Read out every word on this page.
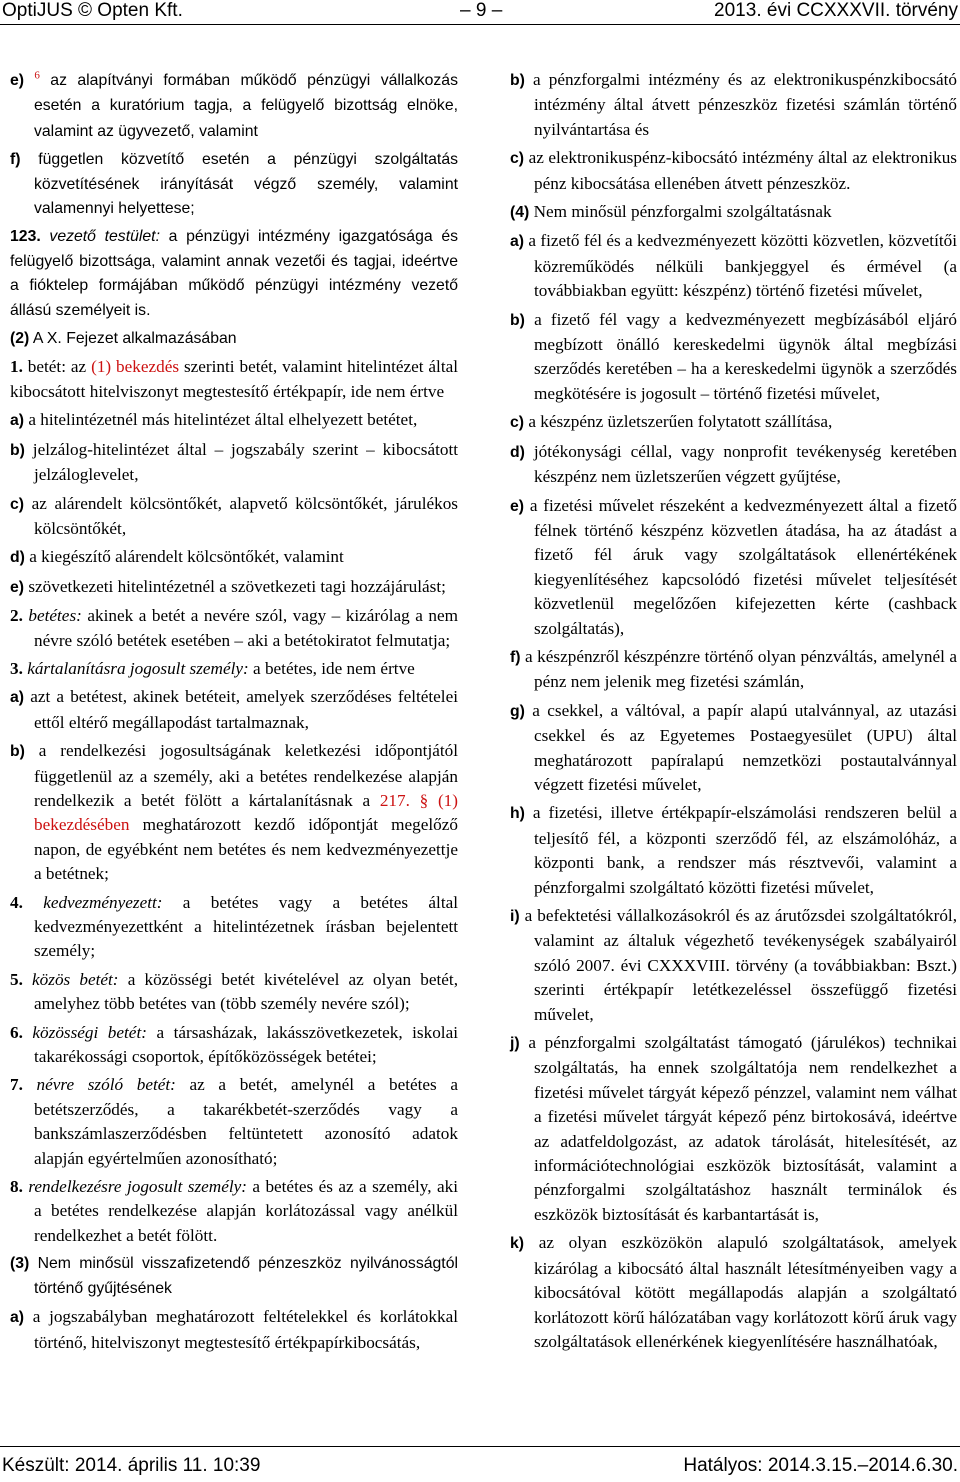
OptiJUS © Opten Kft.	– 9 –	2013. évi CCXXXVII. törvény
e) $^6$ az alapítványi formában működő pénzügyi vállalkozás esetén a kuratórium tagja, a felügyelő bizottság elnöke, valamint az ügyvezető, valamint
f) független közvetítő esetén a pénzügyi szolgáltatás közvetítésének irányítását végző személy, valamint valamennyi helyettese;
123. vezető testület: a pénzügyi intézmény igazgatósága és felügyelő bizottsága, valamint annak vezetői és tagjai, ideértve a fióktelep formájában működő pénzügyi intézmény vezető állású személyeit is.
(2) A X. Fejezet alkalmazásában
1. betét: az (1) bekezdés szerinti betét, valamint hitelintézet által kibocsátott hitelviszonyt megtestesítő értékpapír, ide nem értve
a) a hitelintézetnél más hitelintézet által elhelyezett betétet,
b) jelzálog-hitelintézet által – jogszabály szerint – kibocsátott jelzáloglevelet,
c) az alárendelt kölcsöntőkét, alapvető kölcsöntőkét, járulékos kölcsöntőkét,
d) a kiegészítő alárendelt kölcsöntőkét, valamint
e) szövetkezeti hitelintézetnél a szövetkezeti tagi hozzájárulást;
2. betétes: akinek a betét a nevére szól, vagy – kizárólag a nem névre szóló betétek esetében – aki a betétokiratot felmutatja;
3. kártalanításra jogosult személy: a betétes, ide nem értve
a) azt a betétest, akinek betéteit, amelyek szerződéses feltételei ettől eltérő megállapodást tartalmaznak,
b) a rendelkezési jogosultságának keletkezési időpontjától függetlenül az a személy, aki a betétes rendelkezése alapján rendelkezik a betét fölött a kártalanításnak a 217. § (1) bekezdésében meghatározott kezdő időpontját megelőző napon, de egyébként nem betétes és nem kedvezményezettje a betétnek;
4. kedvezményezett: a betétes vagy a betétes által kedvezményezettként a hitelintézetnek írásban bejelentett személy;
5. közös betét: a közösségi betét kivételével az olyan betét, amelyhez több betétes van (több személy nevére szól);
6. közösségi betét: a társasházak, lakásszövetkezetek, iskolai takarékossági csoportok, építőközösségek betétei;
7. névre szóló betét: az a betét, amelynél a betétes a betétszerződés, a takarékbetét-szerződés vagy a bankszámlaszerződésben feltüntetett azonosító adatok alapján egyértelműen azonosítható;
8. rendelkezésre jogosult személy: a betétes és az a személy, aki a betétes rendelkezése alapján korlátozással vagy anélkül rendelkezhet a betét fölött.
(3) Nem minősül visszafizetendő pénzeszköz nyilvánosságtól történő gyűjtésének
a) a jogszabályban meghatározott feltételekkel és korlátokkal történő, hitelviszonyt megtestesítő értékpapírkibocsátás,
b) a pénzforgalmi intézmény és az elektronikuspénzkibocsátó intézmény által átvett pénzeszköz fizetési számlán történő nyilvántartása és
c) az elektronikuspénz-kibocsátó intézmény által az elektronikus pénz kibocsátása ellenében átvett pénzeszköz.
(4) Nem minősül pénzforgalmi szolgáltatásnak
a) a fizető fél és a kedvezményezett közötti közvetlen, közvetítői közreműködés nélküli bankjeggyel és érmével (a továbbiakban együtt: készpénz) történő fizetési művelet,
b) a fizető fél vagy a kedvezményezett megbízásából eljáró megbízott önálló kereskedelmi ügynök által megbízási szerződés keretében – ha a kereskedelmi ügynök a szerződés megkötésére is jogosult – történő fizetési művelet,
c) a készpénz üzletszerűen folytatott szállítása,
d) jótékonysági céllal, vagy nonprofit tevékenység keretében készpénz nem üzletszerűen végzett gyűjtése,
e) a fizetési művelet részeként a kedvezményezett által a fizető félnek történő készpénz közvetlen átadása, ha az átadást a fizető fél áruk vagy szolgáltatások ellenértékének kiegyenlítéséhez kapcsolódó fizetési művelet teljesítését közvetlenül megelőzően kifejezetten kérte (cashback szolgáltatás),
f) a készpénzről készpénzre történő olyan pénzváltás, amelynél a pénz nem jelenik meg fizetési számlán,
g) a csekkel, a váltóval, a papír alapú utalvánnyal, az utazási csekkel és az Egyetemes Postaegyesület (UPU) által meghatározott papíralapú nemzetközi postautalvánnyal végzett fizetési művelet,
h) a fizetési, illetve értékpapír-elszámolási rendszeren belül a teljesítő fél, a központi szerződő fél, az elszámolóház, a központi bank, a rendszer más résztvevői, valamint a pénzforgalmi szolgáltató közötti fizetési művelet,
i) a befektetési vállalkozásokról és az árutőzsdei szolgáltatókról, valamint az általuk végezhető tevékenységek szabályairól szóló 2007. évi CXXXVIII. törvény (a továbbiakban: Bszt.) szerinti értékpapír letétkezeléssel összefüggő fizetési művelet,
j) a pénzforgalmi szolgáltatást támogató (járulékos) technikai szolgáltatás, ha ennek szolgáltatója nem rendelkezhet a fizetési művelet tárgyát képező pénzzel, valamint nem válhat a fizetési művelet tárgyát képező pénz birtokosává, ideértve az adatfeldolgozást, az adatok tárolását, hitelesítését, az információtechnológiai eszközök biztosítását, valamint a pénzforgalmi szolgáltatáshoz használt terminálok és eszközök biztosítását és karbantartását is,
k) az olyan eszközökön alapuló szolgáltatások, amelyek kizárólag a kibocsátó által használt létesítményeiben vagy a kibocsátóval kötött megállapodás alapján a szolgáltató korlátozott körű hálózatában vagy korlátozott körű áruk vagy szolgáltatások ellenérkének kiegyenlítésére használhatóak,
Készült: 2014. április 11. 10:39	Hatályos: 2014.3.15.–2014.6.30.
